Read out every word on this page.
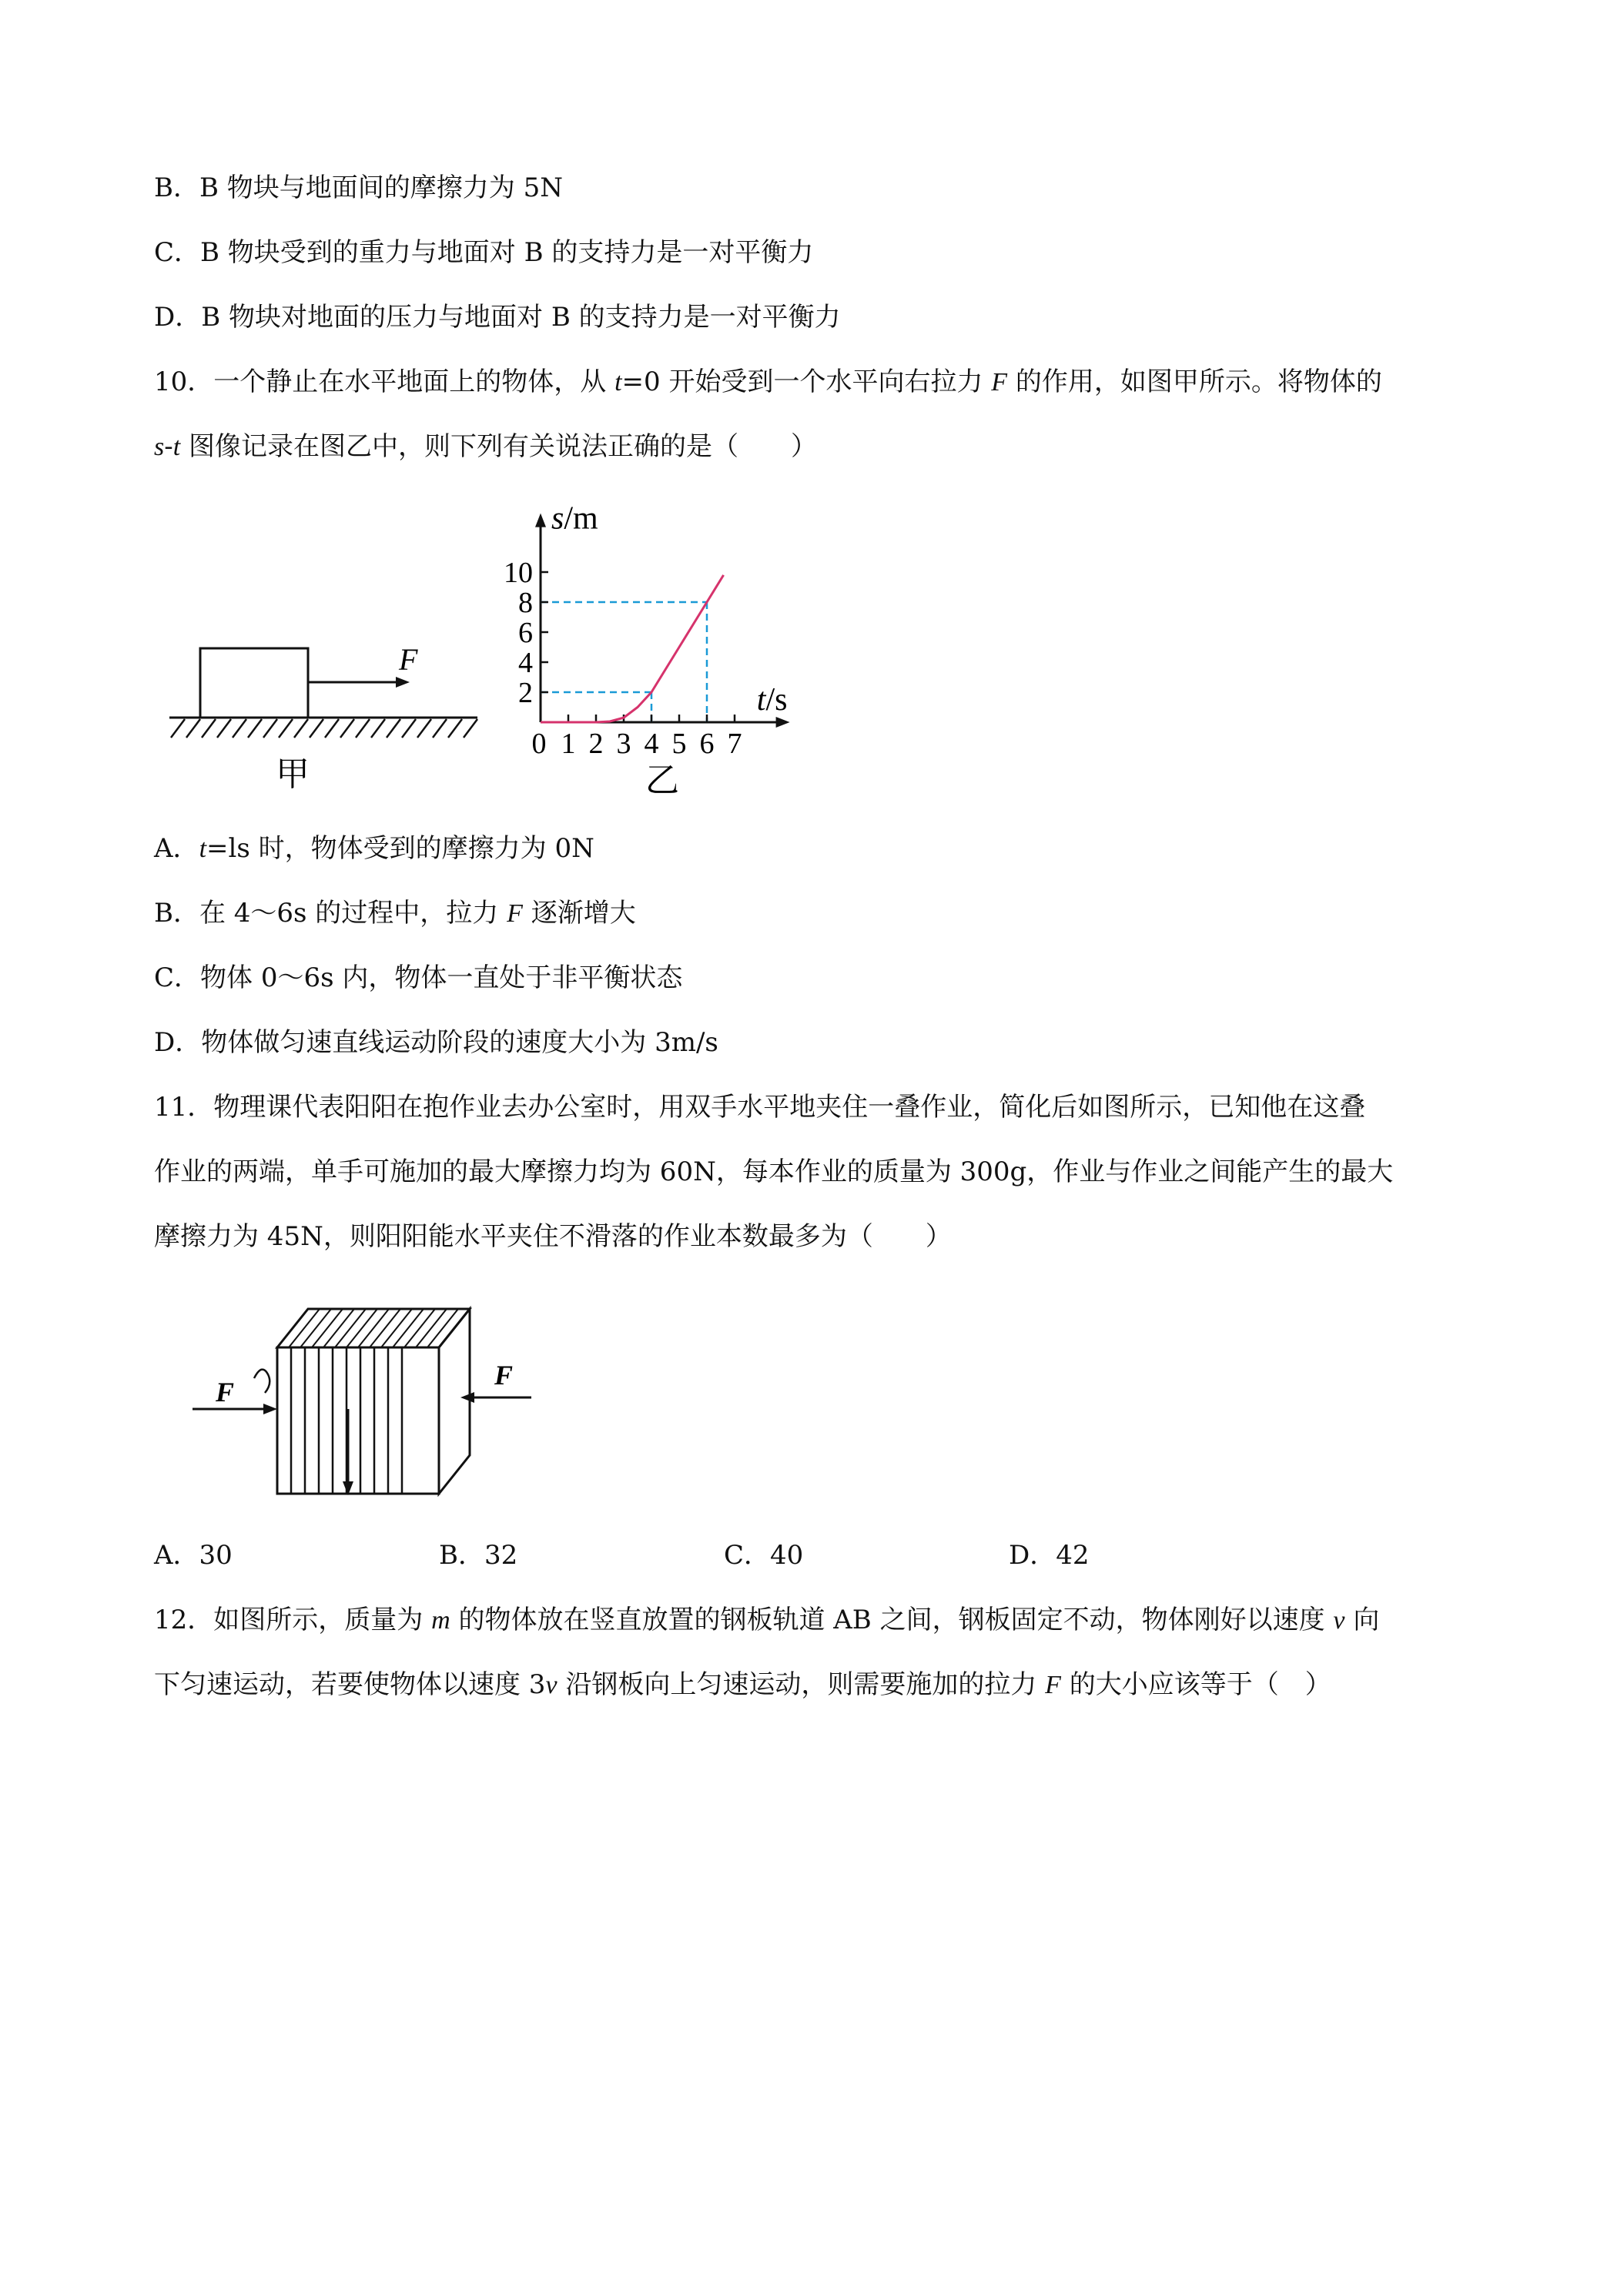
B．B 物块与地面间的摩擦力为 5N
C．B 物块受到的重力与地面对 B 的支持力是一对平衡力
D．B 物块对地面的压力与地面对 B 的支持力是一对平衡力
10．一个静止在水平地面上的物体，从 t=0 开始受到一个水平向右拉力 F 的作用，如图甲所示。将物体的
s-t 图像记录在图乙中，则下列有关说法正确的是（　　）
F
甲
10
8
6
4
2
0 1 2 3 4 5 6 7
s/m
t/s
乙
A．t=ls 时，物体受到的摩擦力为 0N
B．在 4～6s 的过程中，拉力 F 逐渐增大
C．物体 0～6s 内，物体一直处于非平衡状态
D．物体做匀速直线运动阶段的速度大小为 3m/s
11．物理课代表阳阳在抱作业去办公室时，用双手水平地夹住一叠作业，简化后如图所示，已知他在这叠
作业的两端，单手可施加的最大摩擦力均为 60N，每本作业的质量为 300g，作业与作业之间能产生的最大
摩擦力为 45N，则阳阳能水平夹住不滑落的作业本数最多为（　　）
F
F
A．30	B．32	C．40	D．42
12．如图所示，质量为 m 的物体放在竖直放置的钢板轨道 AB 之间，钢板固定不动，物体刚好以速度 v 向
下匀速运动，若要使物体以速度 3v 沿钢板向上匀速运动，则需要施加的拉力 F 的大小应该等于（　）
